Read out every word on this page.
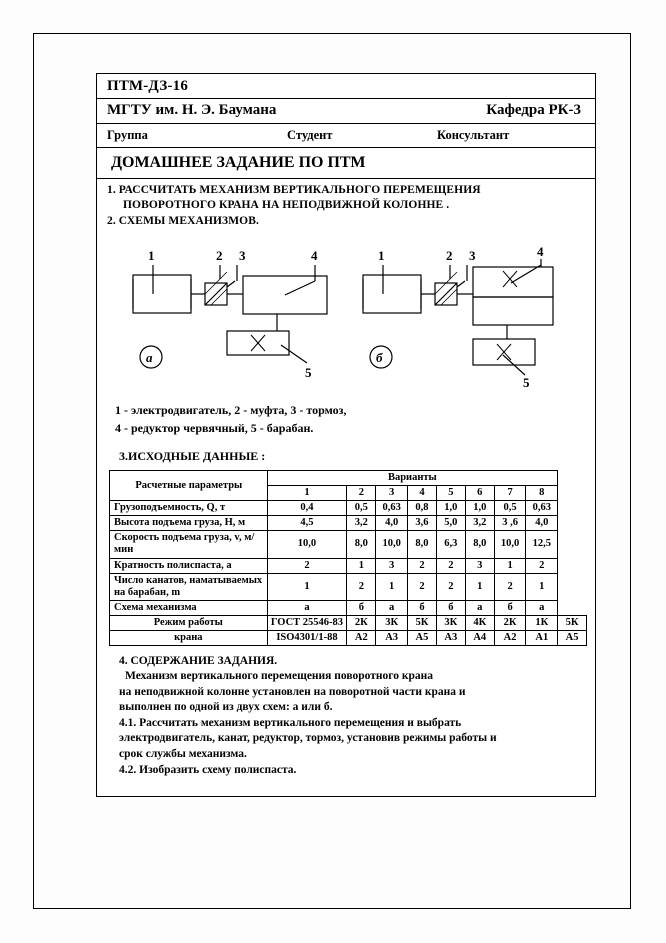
ПТМ-ДЗ-16
МГТУ им. Н. Э. Баумана	Кафедра РК-3
Группа	Студент	Консультант
ДОМАШНЕЕ ЗАДАНИЕ ПО ПТМ
1. РАССЧИТАТЬ МЕХАНИЗМ ВЕРТИКАЛЬНОГО ПЕРЕМЕЩЕНИЯ
ПОВОРОТНОГО КРАНА НА НЕПОДВИЖНОЙ КОЛОННЕ .
2. СХЕМЫ МЕХАНИЗМОВ.
1	2 3	4
5
а
1	2 3	4
5
б
1 - электродвигатель, 2 - муфта, 3 - тормоз,
4 - редуктор червячный, 5 - барабан.
3.ИСХОДНЫЕ ДАННЫЕ :
Расчетные параметры	Варианты								
	1	2	3	4	5	6	7	8	
Грузоподъемность, Q, т	0,4	0,5	0,63	0,8	1,0	1,0	0,5	0,63	
Высота подъема груза, Н, м	4,5	3,2	4,0	3,6	5,0	3,2	3 ,6	4,0	
Скорость подъема груза, v, м/мин	10,0	8,0	10,0	8,0	6,3	8,0	10,0	12,5	
Кратность полиспаста, а	2	1	3	2	2	3	1	2	
Число канатов, наматываемых на барабан, m	1	2	1	2	2	1	2	1	
Схема механизма	а	б	а	б	б	а	б	а	
Режим работы	ГОСТ 25546-83	2К	3К	5К	3К	4К	2К	1К	5К
крана	ISO4301/1-88	А2	А3	А5	А3	А4	А2	А1	А5
4. СОДЕРЖАНИЕ ЗАДАНИЯ.
Механизм вертикального перемещения поворотного крана
на неподвижной колонне установлен на поворотной части крана и
выполнен по одной из двух схем: а или б.
4.1. Рассчитать механизм вертикального перемещения и выбрать
электродвигатель, канат, редуктор, тормоз, установив режимы работы и
срок службы механизма.
4.2. Изобразить схему полиспаста.
